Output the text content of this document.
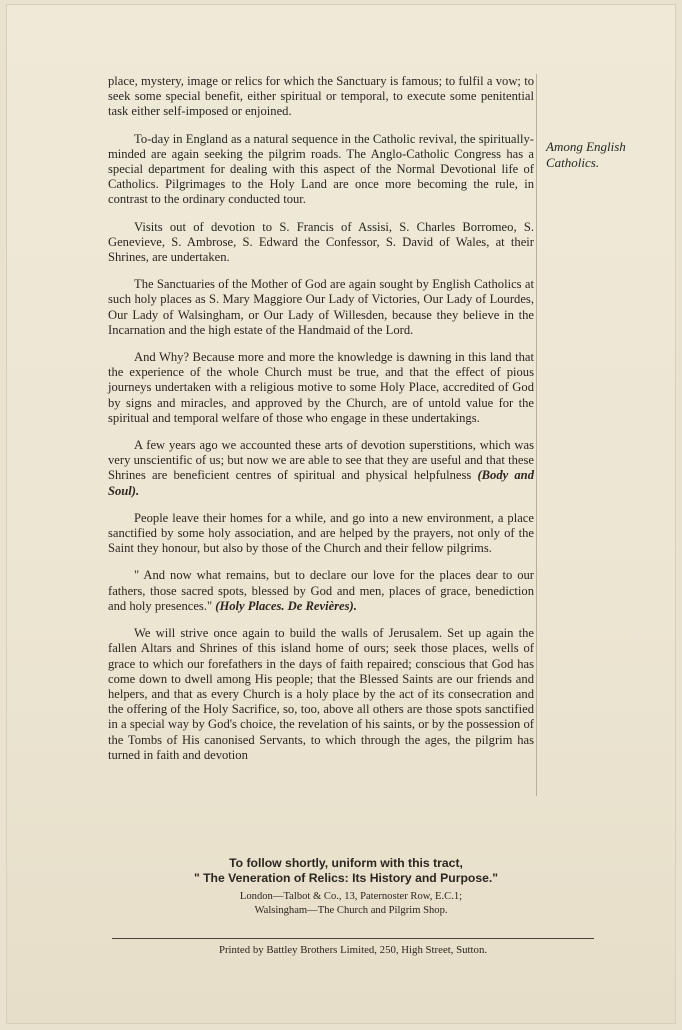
place, mystery, image or relics for which the Sanctuary is famous; to fulfil a vow; to seek some special benefit, either spiritual or temporal, to execute some penitential task either self-imposed or enjoined.

To-day in England as a natural sequence in the Catholic revival, the spiritually-minded are again seeking the pilgrim roads. The Anglo-Catholic Congress has a special department for dealing with this aspect of the Normal Devotional life of Catholics. Pilgrimages to the Holy Land are once more becoming the rule, in contrast to the ordinary conducted tour.

Visits out of devotion to S. Francis of Assisi, S. Charles Borromeo, S. Genevieve, S. Ambrose, S. Edward the Confessor, S. David of Wales, at their Shrines, are undertaken.

The Sanctuaries of the Mother of God are again sought by English Catholics at such holy places as S. Mary Maggiore Our Lady of Victories, Our Lady of Lourdes, Our Lady of Walsingham, or Our Lady of Willesden, because they believe in the Incarnation and the high estate of the Handmaid of the Lord.

And Why? Because more and more the knowledge is dawning in this land that the experience of the whole Church must be true, and that the effect of pious journeys undertaken with a religious motive to some Holy Place, accredited of God by signs and miracles, and approved by the Church, are of untold value for the spiritual and temporal welfare of those who engage in these undertakings.

A few years ago we accounted these arts of devotion superstitions, which was very unscientific of us; but now we are able to see that they are useful and that these Shrines are beneficient centres of spiritual and physical helpfulness (Body and Soul).

People leave their homes for a while, and go into a new environment, a place sanctified by some holy association, and are helped by the prayers, not only of the Saint they honour, but also by those of the Church and their fellow pilgrims.

" And now what remains, but to declare our love for the places dear to our fathers, those sacred spots, blessed by God and men, places of grace, benediction and holy presences." (Holy Places. De Revières).

We will strive once again to build the walls of Jerusalem. Set up again the fallen Altars and Shrines of this island home of ours; seek those places, wells of grace to which our forefathers in the days of faith repaired; conscious that God has come down to dwell among His people; that the Blessed Saints are our friends and helpers, and that as every Church is a holy place by the act of its consecration and the offering of the Holy Sacrifice, so, too, above all others are those spots sanctified in a special way by God's choice, the revelation of his saints, or by the possession of the Tombs of His canonised Servants, to which through the ages, the pilgrim has turned in faith and devotion

Among English Catholics.
To follow shortly, uniform with this tract,
" The Veneration of Relics: Its History and Purpose."
London—Talbot & Co., 13, Paternoster Row, E.C.1;
Walsingham—The Church and Pilgrim Shop.
Printed by Battley Brothers Limited, 250, High Street, Sutton.
